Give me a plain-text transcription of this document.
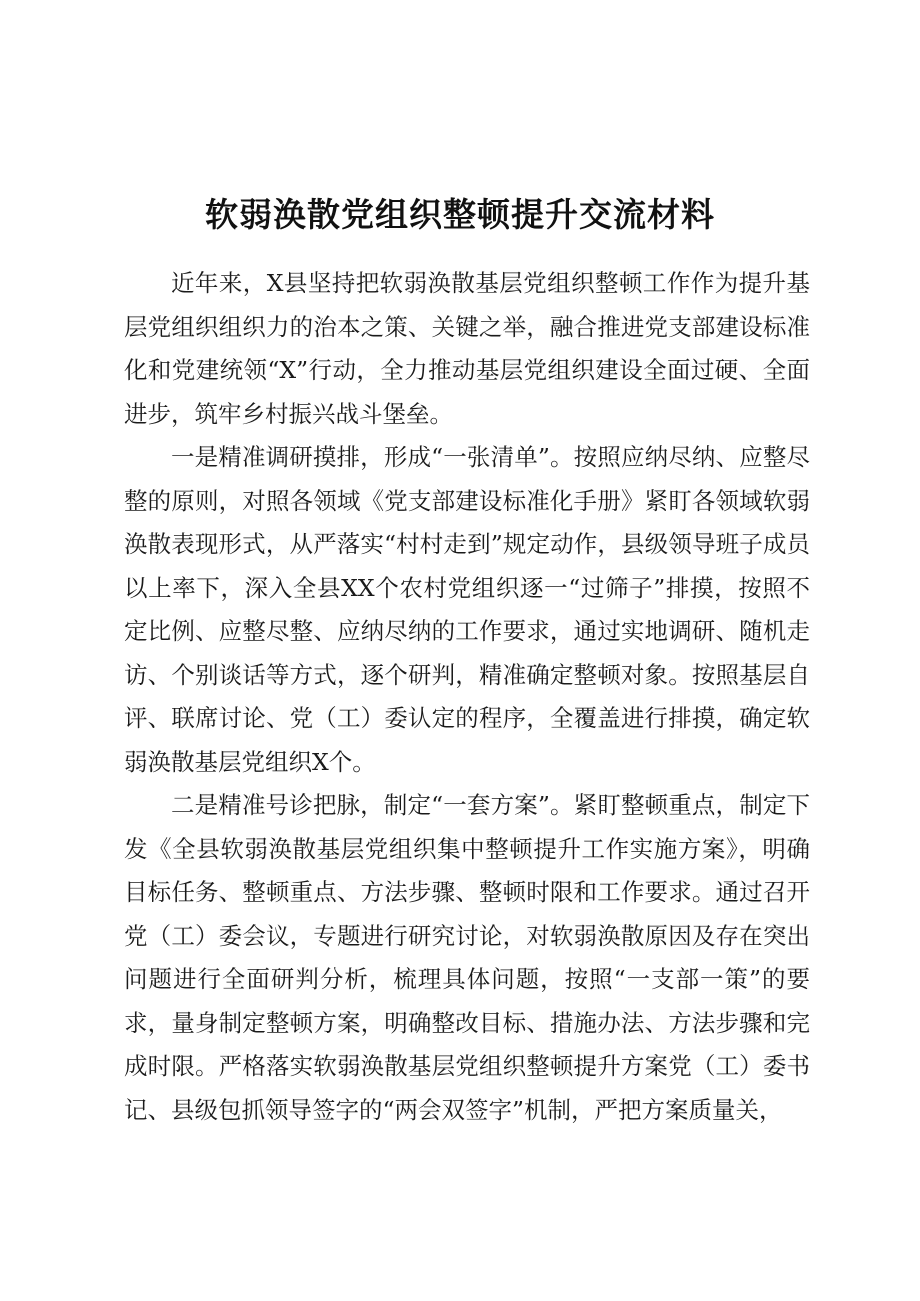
软弱涣散党组织整顿提升交流材料

近年来，X县坚持把软弱涣散基层党组织整顿工作作为提升基层党组织组织力的治本之策、关键之举，融合推进党支部建设标准化和党建统领“X”行动，全力推动基层党组织建设全面过硬、全面进步，筑牢乡村振兴战斗堡垒。

一是精准调研摸排，形成“一张清单”。按照应纳尽纳、应整尽整的原则，对照各领域《党支部建设标准化手册》紧盯各领域软弱涣散表现形式，从严落实“村村走到”规定动作，县级领导班子成员以上率下，深入全县XX个农村党组织逐一“过筛子”排摸，按照不定比例、应整尽整、应纳尽纳的工作要求，通过实地调研、随机走访、个别谈话等方式，逐个研判，精准确定整顿对象。按照基层自评、联席讨论、党（工）委认定的程序，全覆盖进行排摸，确定软弱涣散基层党组织X个。

二是精准号诊把脉，制定“一套方案”。紧盯整顿重点，制定下发《全县软弱涣散基层党组织集中整顿提升工作实施方案》，明确目标任务、整顿重点、方法步骤、整顿时限和工作要求。通过召开党（工）委会议，专题进行研究讨论，对软弱涣散原因及存在突出问题进行全面研判分析，梳理具体问题，按照“一支部一策”的要求，量身制定整顿方案，明确整改目标、措施办法、方法步骤和完成时限。严格落实软弱涣散基层党组织整顿提升方案党（工）委书记、县级包抓领导签字的“两会双签字”机制，严把方案质量关，
